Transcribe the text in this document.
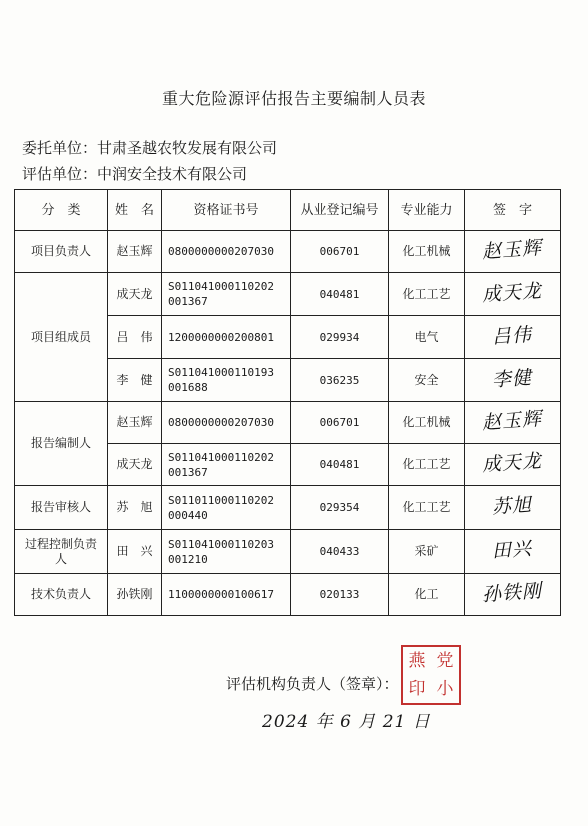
重大危险源评估报告主要编制人员表
委托单位：甘肃圣越农牧发展有限公司
评估单位：中润安全技术有限公司
分　类	姓　名	资格证书号	从业登记编号	专业能力	签　字
项目负责人	赵玉辉	0800000000207030	006701	化工机械	赵玉辉
项目组成员	成天龙	S011041000110202 001367	040481	化工工艺	成天龙
	吕　伟	1200000000200801	029934	电气	吕伟
	李　健	S011041000110193 001688	036235	安全	李健
报告编制人	赵玉辉	0800000000207030	006701	化工机械	赵玉辉
	成天龙	S011041000110202 001367	040481	化工工艺	成天龙
报告审核人	苏　旭	S011011000110202 000440	029354	化工工艺	苏旭
过程控制负责人	田　兴	S011041000110203 001210	040433	采矿	田兴
技术负责人	孙铁刚	1100000000100617	020133	化工	孙铁刚
评估机构负责人（签章）：
燕 党
印 小
2024 年 6 月 21 日
